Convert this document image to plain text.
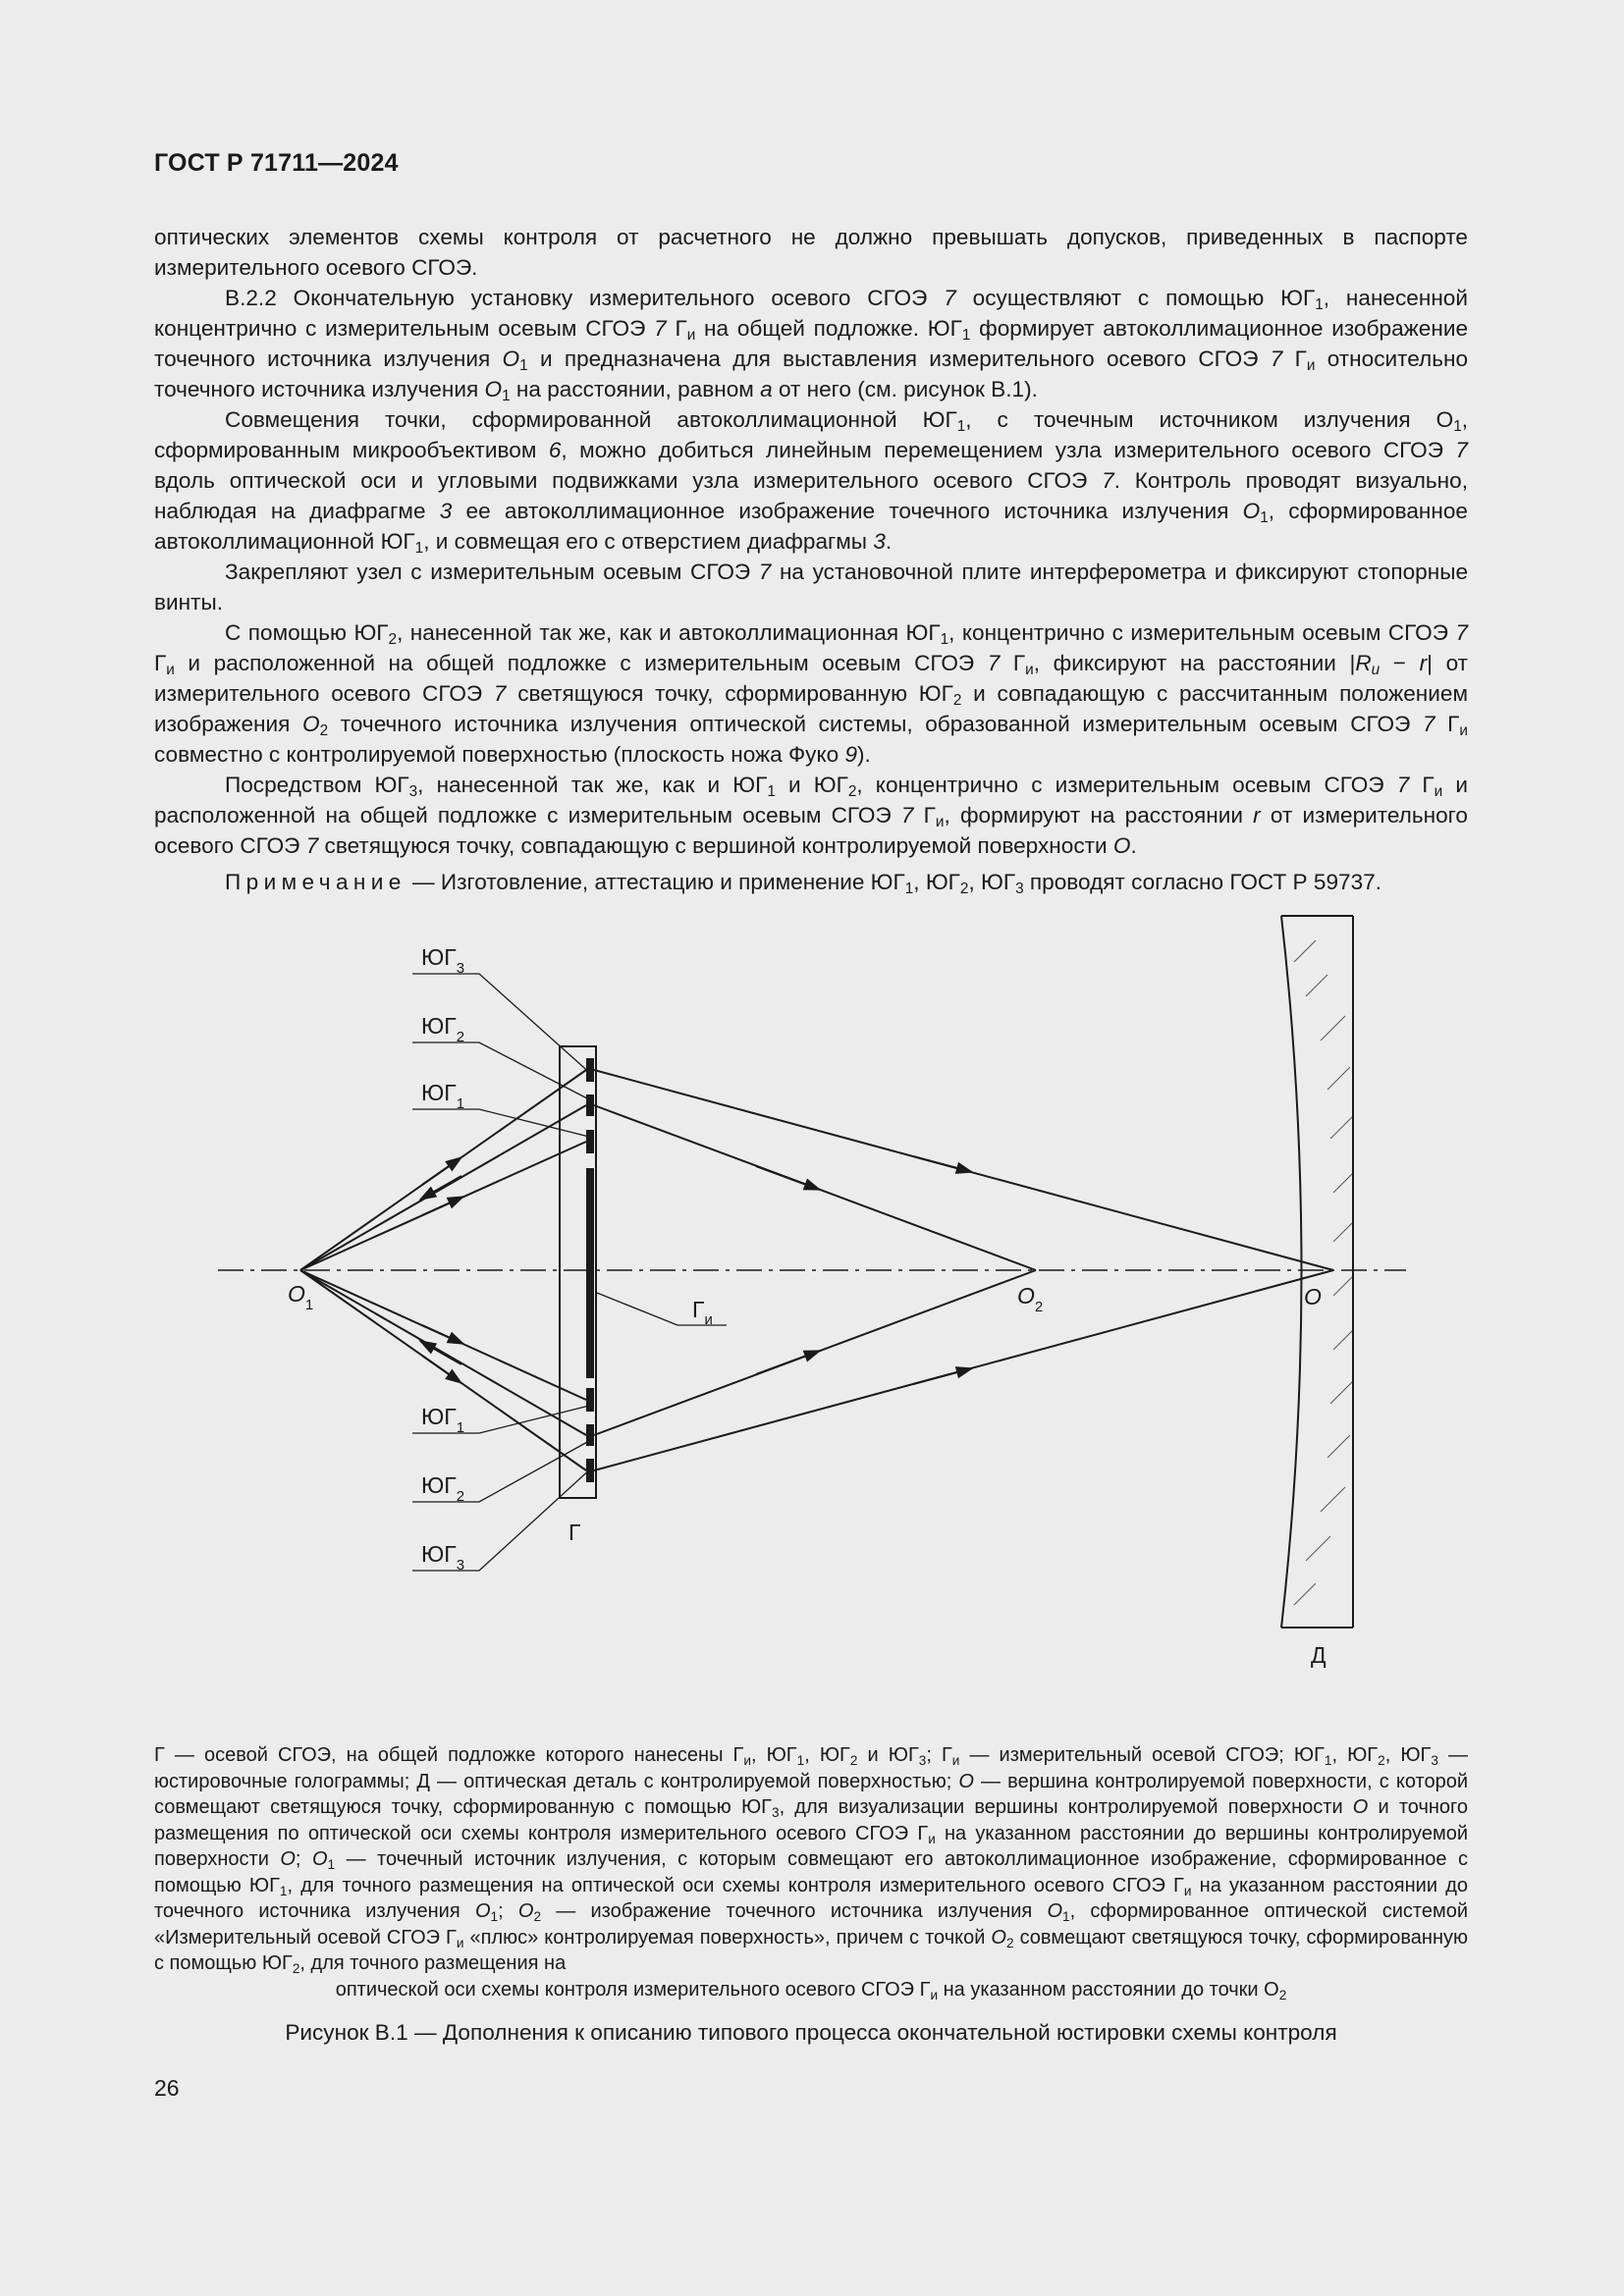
ГОСТ Р 71711—2024

оптических элементов схемы контроля от расчетного не должно превышать допусков, приведенных в паспорте измерительного осевого СГОЭ.

В.2.2 Окончательную установку измерительного осевого СГОЭ 7 осуществляют с помощью $ЮГ_1$, нанесенной концентрично с измерительным осевым СГОЭ 7 $Г_и$ на общей подложке. $ЮГ_1$ формирует автоколлимационное изображение точечного источника излучения $O_1$ и предназначена для выставления измерительного осевого СГОЭ 7 $Г_и$ относительно точечного источника излучения $O_1$ на расстоянии, равном а от него (см. рисунок В.1).

Совмещения точки, сформированной автоколлимационной $ЮГ_1$, с точечным источником излучения $O_1$, сформированным микрообъективом 6, можно добиться линейным перемещением узла измерительного осевого СГОЭ 7 вдоль оптической оси и угловыми подвижками узла измерительного осевого СГОЭ 7. Контроль проводят визуально, наблюдая на диафрагме 3 ее автоколлимационное изображение точечного источника излучения $O_1$, сформированное автоколлимационной $ЮГ_1$, и совмещая его с отверстием диафрагмы 3.

Закрепляют узел с измерительным осевым СГОЭ 7 на установочной плите интерферометра и фиксируют стопорные винты.

С помощью $ЮГ_2$, нанесенной так же, как и автоколлимационная $ЮГ_1$, концентрично с измерительным осевым СГОЭ 7 $Г_и$ и расположенной на общей подложке с измерительным осевым СГОЭ 7 $Г_и$, фиксируют на расстоянии $|R_u - r|$ от измерительного осевого СГОЭ 7 светящуюся точку, сформированную $ЮГ_2$ и совпадающую с рассчитанным положением изображения $O_2$ точечного источника излучения оптической системы, образованной измерительным осевым СГОЭ 7 $Г_и$ совместно с контролируемой поверхностью (плоскость ножа Фуко 9).

Посредством $ЮГ_3$, нанесенной так же, как и $ЮГ_1$ и $ЮГ_2$, концентрично с измерительным осевым СГОЭ 7 $Г_и$ и расположенной на общей подложке с измерительным осевым СГОЭ 7 $Г_и$, формируют на расстоянии r от измерительного осевого СГОЭ 7 светящуюся точку, совпадающую с вершиной контролируемой поверхности O.

Примечание — Изготовление, аттестацию и применение $ЮГ_1$, $ЮГ_2$, $ЮГ_3$ проводят согласно ГОСТ Р 59737.
$ЮГ_3$
$ЮГ_2$
$ЮГ_1$
$ЮГ_1$
$ЮГ_2$
$ЮГ_3$
$O_1$	$O_2$	O
$Г_и$
Г
Д
Г — осевой СГОЭ, на общей подложке которого нанесены $Г_и$, $ЮГ_1$, $ЮГ_2$ и $ЮГ_3$; $Г_и$ — измерительный осевой СГОЭ; $ЮГ_1$, $ЮГ_2$, $ЮГ_3$ — юстировочные голограммы; Д — оптическая деталь с контролируемой поверхностью; O — вершина контролируемой поверхности, с которой совмещают светящуюся точку, сформированную с помощью $ЮГ_3$, для визуализации вершины контролируемой поверхности O и точного размещения по оптической оси схемы контроля измерительного осевого СГОЭ $Г_и$ на указанном расстоянии до вершины контролируемой поверхности O; $O_1$ — точечный источник излучения, с которым совмещают его автоколлимационное изображение, сформированное с помощью $ЮГ_1$, для точного размещения на оптической оси схемы контроля измерительного осевого СГОЭ $Г_и$ на указанном расстоянии до точечного источника излучения $O_1$; $O_2$ — изображение точечного источника излучения $O_1$, сформированное оптической системой «Измерительный осевой СГОЭ $Г_и$ «плюс» контролируемая поверхность», причем с точкой $O_2$ совмещают светящуюся точку, сформированную с помощью $ЮГ_2$, для точного размещения на
оптической оси схемы контроля измерительного осевого СГОЭ $Г_и$ на указанном расстоянии до точки $O_2$
Рисунок В.1 — Дополнения к описанию типового процесса окончательной юстировки схемы контроля
26
